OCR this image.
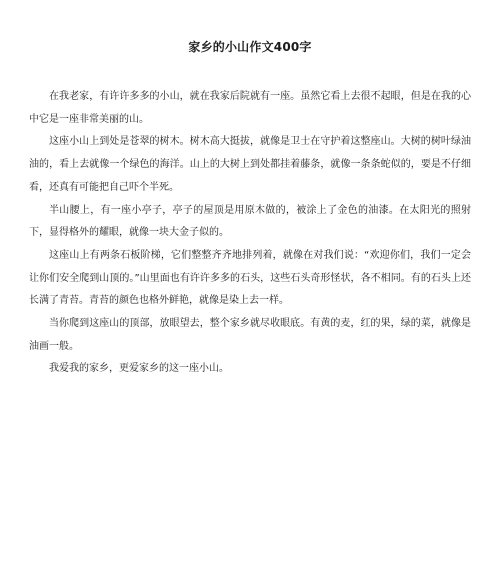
家乡的小山作文400字

在我老家，有许许多多的小山，就在我家后院就有一座。虽然它看上去很不起眼，但是在我的心中它是一座非常美丽的山。

这座小山上到处是苍翠的树木。树木高大挺拔，就像是卫士在守护着这整座山。大树的树叶绿油油的，看上去就像一个绿色的海洋。山上的大树上到处都挂着藤条，就像一条条蛇似的，要是不仔细看，还真有可能把自己吓个半死。

半山腰上，有一座小亭子，亭子的屋顶是用原木做的，被涂上了金色的油漆。在太阳光的照射下，显得格外的耀眼，就像一块大金子似的。

这座山上有两条石板阶梯，它们整整齐齐地排列着，就像在对我们说：“欢迎你们，我们一定会让你们安全爬到山顶的。”山里面也有许许多多的石头，这些石头奇形怪状，各不相同。有的石头上还长满了青苔。青苔的颜色也格外鲜艳，就像是染上去一样。

当你爬到这座山的顶部，放眼望去，整个家乡就尽收眼底。有黄的麦，红的果，绿的菜，就像是油画一般。

我爱我的家乡，更爱家乡的这一座小山。
